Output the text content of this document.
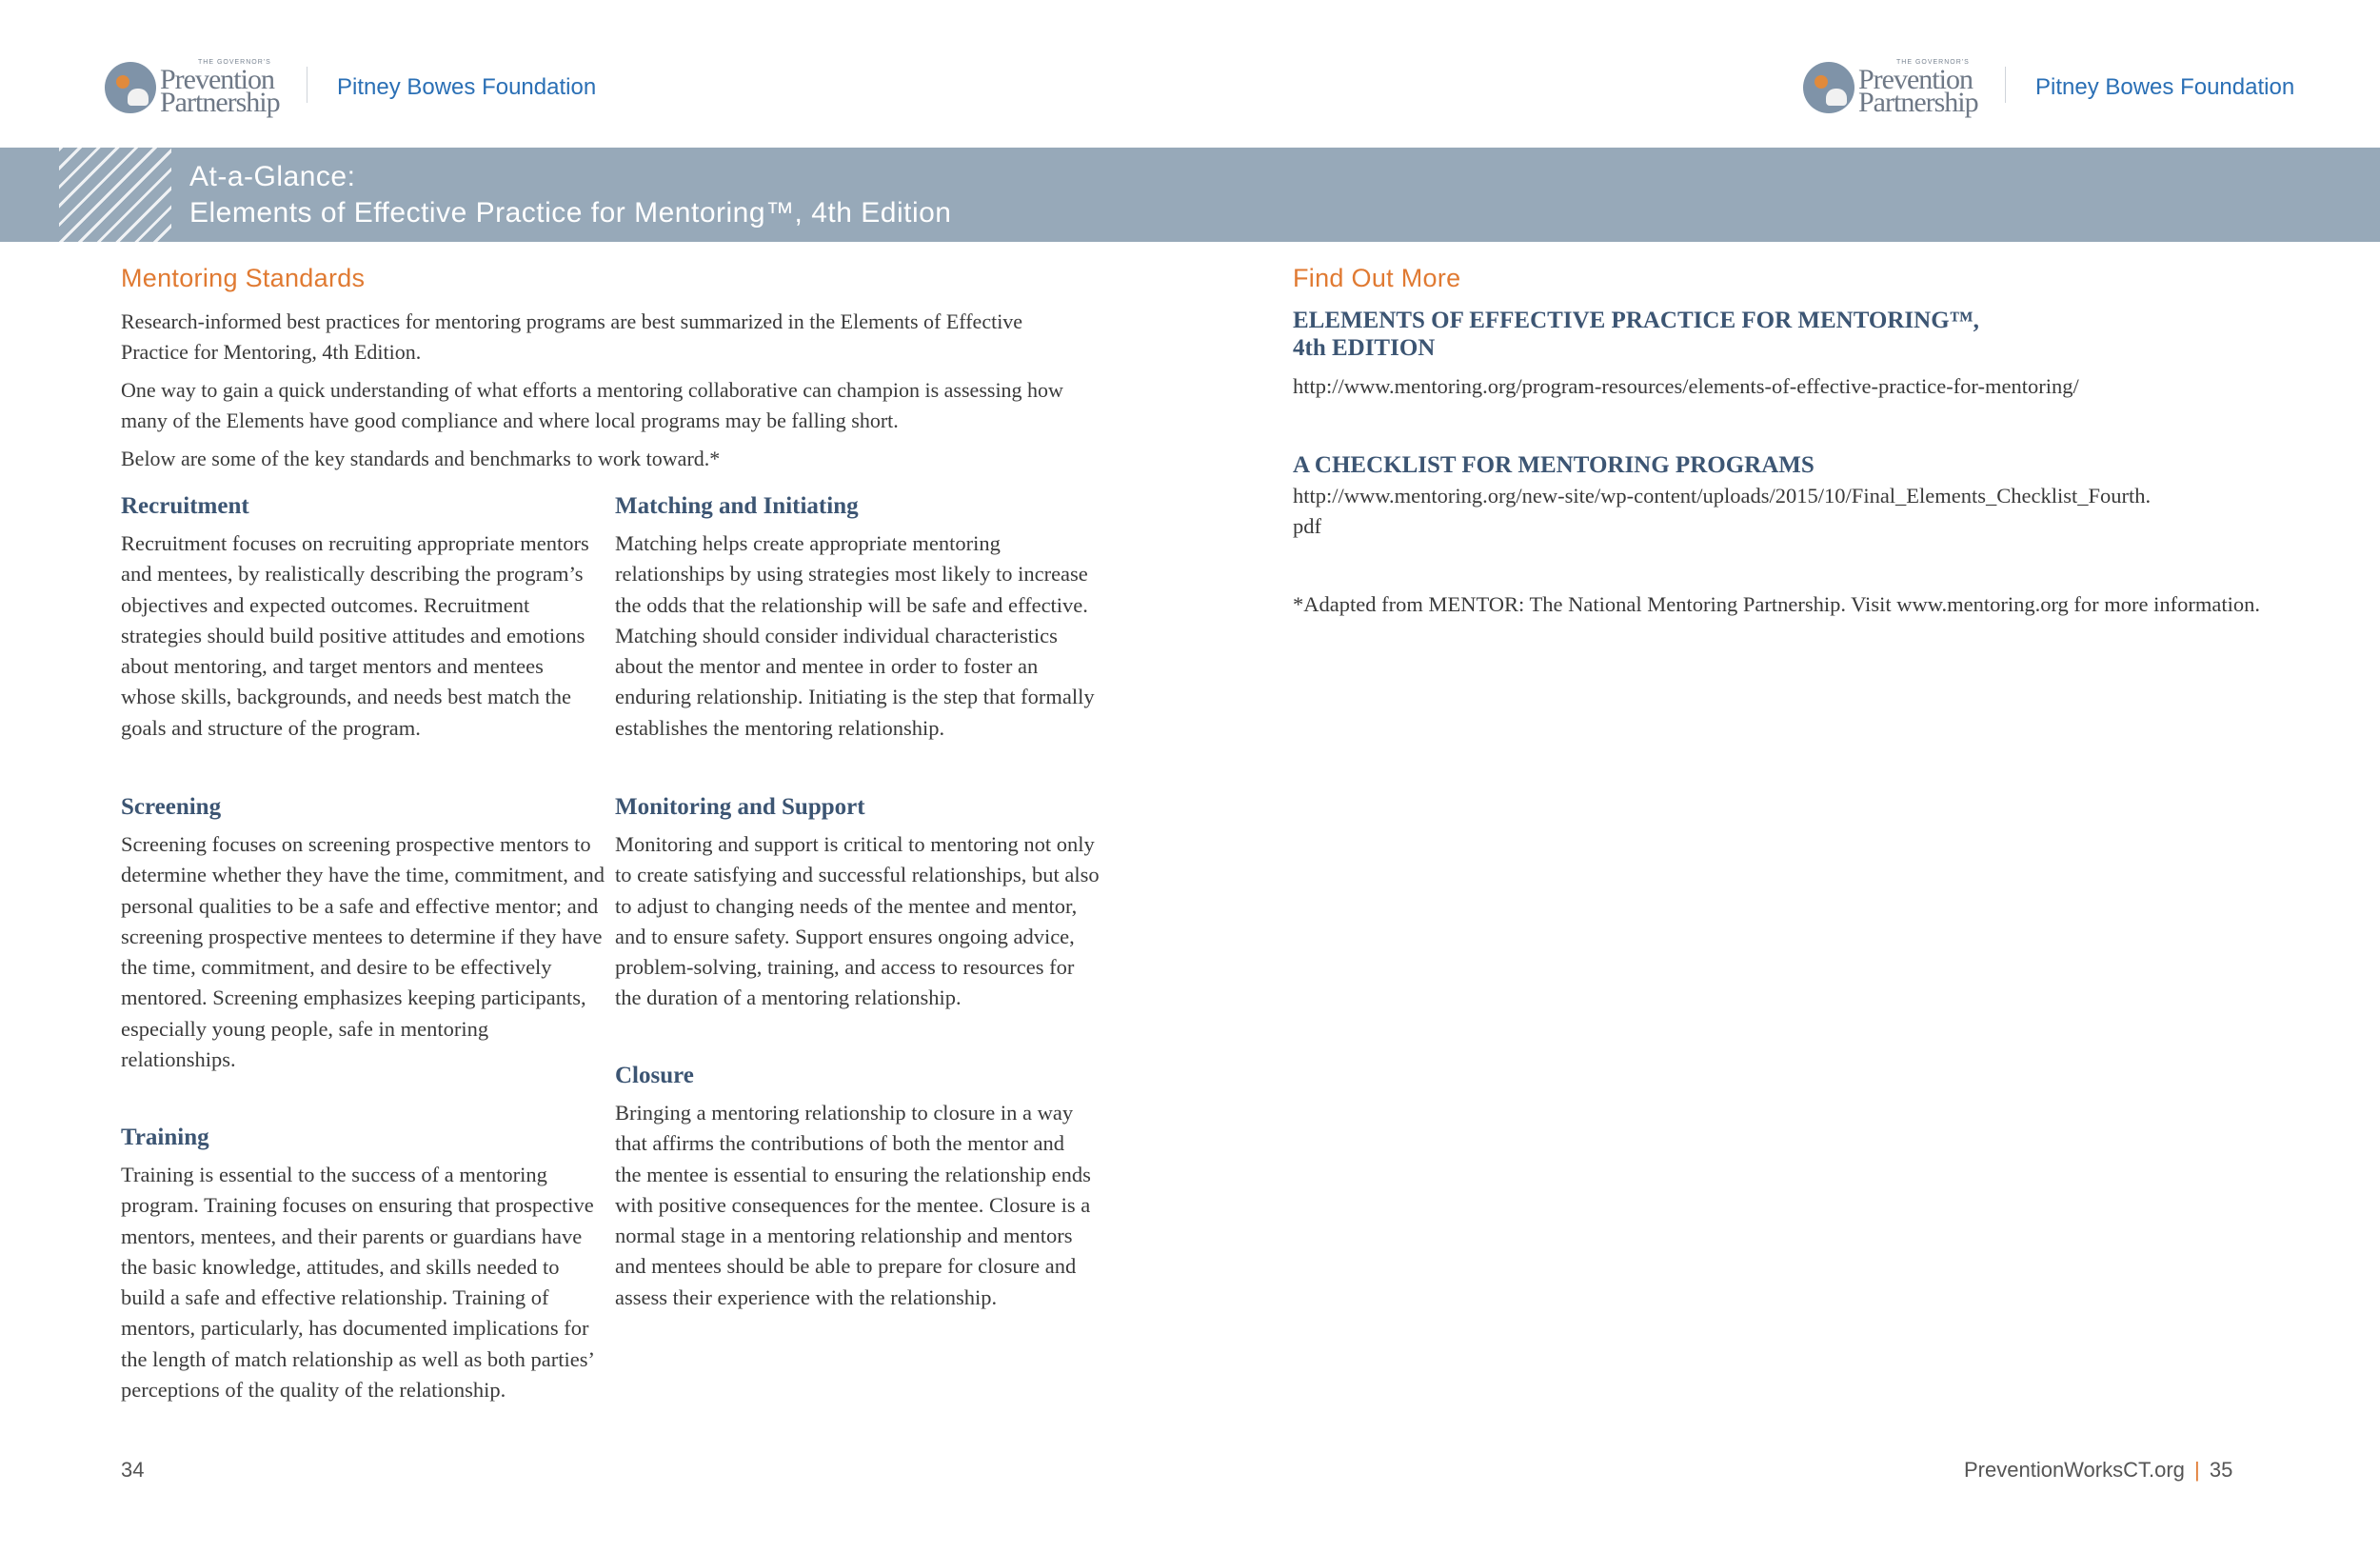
THE GOVERNOR'S
Prevention
Partnership	Pitney Bowes Foundation
THE GOVERNOR'S
Prevention
Partnership	Pitney Bowes Foundation
At-a-Glance:
Elements of Effective Practice for Mentoring™, 4th Edition
Mentoring Standards
Research-informed best practices for mentoring programs are best summarized in the Elements of Effective Practice for Mentoring, 4th Edition.
One way to gain a quick understanding of what efforts a mentoring collaborative can champion is assessing how many of the Elements have good compliance and where local programs may be falling short.
Below are some of the key standards and benchmarks to work toward.*
Recruitment
Recruitment focuses on recruiting appropriate mentors and mentees, by realistically describing the program’s objectives and expected outcomes. Recruitment strategies should build positive attitudes and emotions about mentoring, and target mentors and mentees whose skills, backgrounds, and needs best match the goals and structure of the program.
Screening
Screening focuses on screening prospective mentors to determine whether they have the time, commitment, and personal qualities to be a safe and effective mentor; and screening prospective mentees to determine if they have the time, commitment, and desire to be effectively mentored. Screening emphasizes keeping participants, especially young people, safe in mentoring relationships.
Training
Training is essential to the success of a mentoring program. Training focuses on ensuring that prospective mentors, mentees, and their parents or guardians have the basic knowledge, attitudes, and skills needed to build a safe and effective relationship. Training of mentors, particularly, has documented implications for the length of match relationship as well as both parties’ perceptions of the quality of the relationship.
Matching and Initiating
Matching helps create appropriate mentoring relationships by using strategies most likely to increase the odds that the relationship will be safe and effective. Matching should consider individual characteristics about the mentor and mentee in order to foster an enduring relationship. Initiating is the step that formally establishes the mentoring relationship.
Monitoring and Support
Monitoring and support is critical to mentoring not only to create satisfying and successful relationships, but also to adjust to changing needs of the mentee and mentor, and to ensure safety. Support ensures ongoing advice, problem-solving, training, and access to resources for the duration of a mentoring relationship.
Closure
Bringing a mentoring relationship to closure in a way that affirms the contributions of both the mentor and the mentee is essential to ensuring the relationship ends with positive consequences for the mentee. Closure is a normal stage in a mentoring relationship and mentors and mentees should be able to prepare for closure and assess their experience with the relationship.
Find Out More
ELEMENTS OF EFFECTIVE PRACTICE FOR MENTORING™,
4th EDITION
http://www.mentoring.org/program-resources/elements-of-effective-practice-for-mentoring/
A CHECKLIST FOR MENTORING PROGRAMS
http://www.mentoring.org/new-site/wp-content/uploads/2015/10/Final_Elements_Checklist_Fourth.
pdf
*Adapted from MENTOR: The National Mentoring Partnership. Visit www.mentoring.org for more information.
34	PreventionWorksCT.org | 35
